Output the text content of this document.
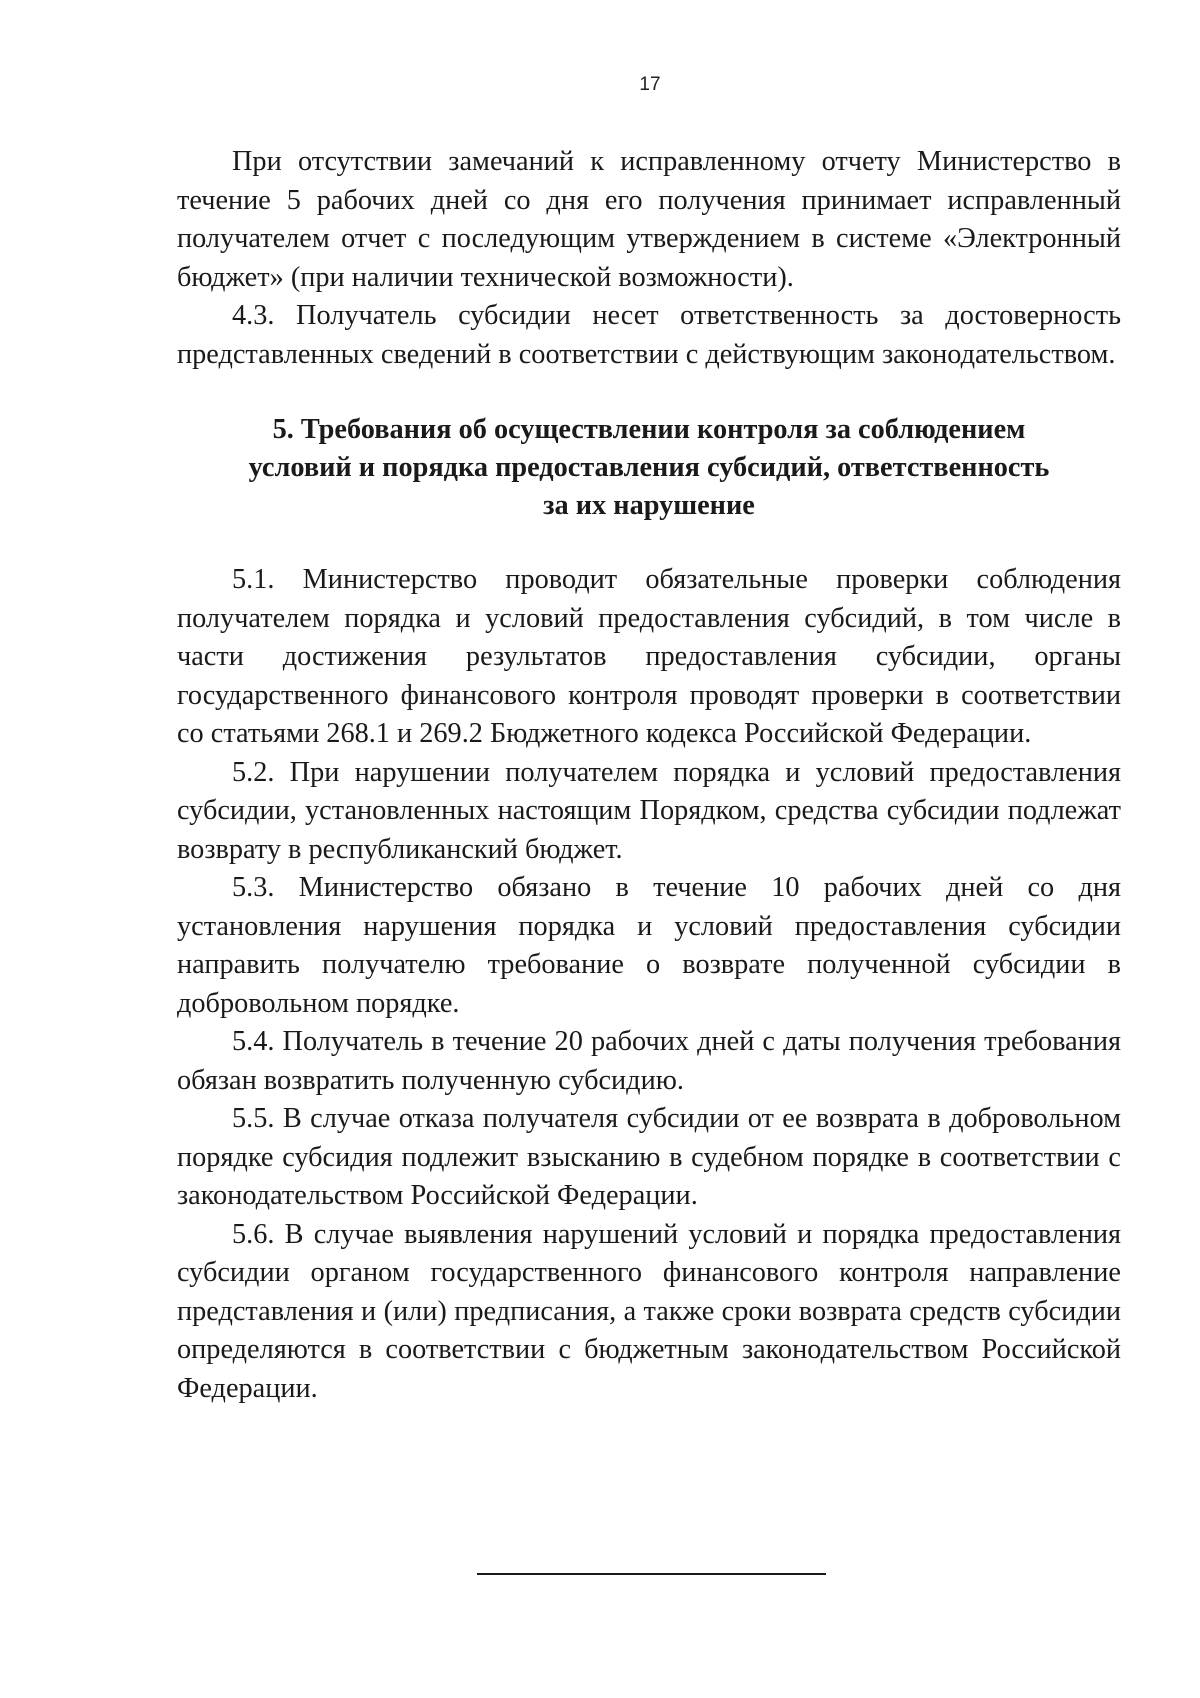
17

При отсутствии замечаний к исправленному отчету Министерство в течение 5 рабочих дней со дня его получения принимает исправленный получателем отчет с последующим утверждением в системе «Электронный бюджет» (при наличии технической возможности).

4.3. Получатель субсидии несет ответственность за достоверность представленных сведений в соответствии с действующим законодательством.

5. Требования об осуществлении контроля за соблюдением
условий и порядка предоставления субсидий, ответственность
за их нарушение

5.1. Министерство проводит обязательные проверки соблюдения получателем порядка и условий предоставления субсидий, в том числе в части достижения результатов предоставления субсидии, органы государственного финансового контроля проводят проверки в соответствии со статьями 268.1 и 269.2 Бюджетного кодекса Российской Федерации.

5.2. При нарушении получателем порядка и условий предоставления субсидии, установленных настоящим Порядком, средства субсидии подлежат возврату в республиканский бюджет.

5.3. Министерство обязано в течение 10 рабочих дней со дня установления нарушения порядка и условий предоставления субсидии направить получателю требование о возврате полученной субсидии в добровольном порядке.

5.4. Получатель в течение 20 рабочих дней с даты получения требования обязан возвратить полученную субсидию.

5.5. В случае отказа получателя субсидии от ее возврата в добровольном порядке субсидия подлежит взысканию в судебном порядке в соответствии с законодательством Российской Федерации.

5.6. В случае выявления нарушений условий и порядка предоставления субсидии органом государственного финансового контроля направление представления и (или) предписания, а также сроки возврата средств субсидии определяются в соответствии с бюджетным законодательством Российской Федерации.
